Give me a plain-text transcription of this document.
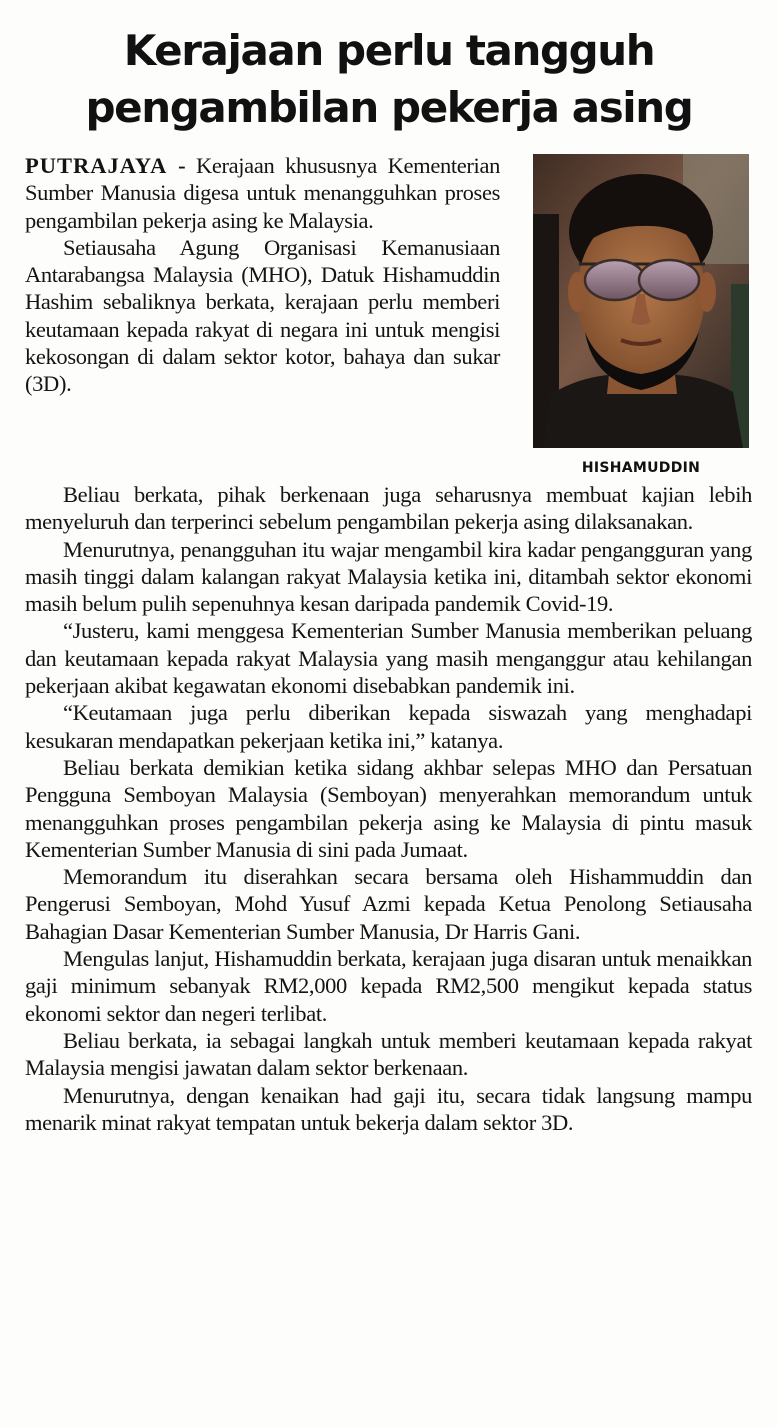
Kerajaan perlu tangguh
pengambilan pekerja asing

PUTRAJAYA - Kerajaan khususnya Kementerian Sumber Manusia digesa untuk menangguhkan proses pengambilan pekerja asing ke Malaysia.

Setiausaha Agung Organisasi Kemanusiaan Antarabangsa Malaysia (MHO), Datuk Hishamuddin Hashim sebaliknya berkata, kerajaan perlu memberi keutamaan kepada rakyat di negara ini untuk mengisi kekosongan di dalam sektor kotor, bahaya dan sukar (3D).

HISHAMUDDIN

Beliau berkata, pihak berkenaan juga seharusnya membuat kajian lebih menyeluruh dan terperinci sebelum pengambilan pekerja asing dilaksanakan.

Menurutnya, penangguhan itu wajar mengambil kira kadar pengangguran yang masih tinggi dalam kalangan rakyat Malaysia ketika ini, ditambah sektor ekonomi masih belum pulih sepenuhnya kesan daripada pandemik Covid-19.

“Justeru, kami menggesa Kementerian Sumber Manusia memberikan peluang dan keutamaan kepada rakyat Malaysia yang masih menganggur atau kehilangan pekerjaan akibat kegawatan ekonomi disebabkan pandemik ini.

“Keutamaan juga perlu diberikan kepada siswazah yang menghadapi kesukaran mendapatkan pekerjaan ketika ini,” katanya.

Beliau berkata demikian ketika sidang akhbar selepas MHO dan Persatuan Pengguna Semboyan Malaysia (Semboyan) menyerahkan memorandum untuk menangguhkan proses pengambilan pekerja asing ke Malaysia di pintu masuk Kementerian Sumber Manusia di sini pada Jumaat.

Memorandum itu diserahkan secara bersama oleh Hishammuddin dan Pengerusi Semboyan, Mohd Yusuf Azmi kepada Ketua Penolong Setiausaha Bahagian Dasar Kementerian Sumber Manusia, Dr Harris Gani.

Mengulas lanjut, Hishamuddin berkata, kerajaan juga disaran untuk menaikkan gaji minimum sebanyak RM2,000 kepada RM2,500 mengikut kepada status ekonomi sektor dan negeri terlibat.

Beliau berkata, ia sebagai langkah untuk memberi keutamaan kepada rakyat Malaysia mengisi jawatan dalam sektor berkenaan.

Menurutnya, dengan kenaikan had gaji itu, secara tidak langsung mampu menarik minat rakyat tempatan untuk bekerja dalam sektor 3D.
